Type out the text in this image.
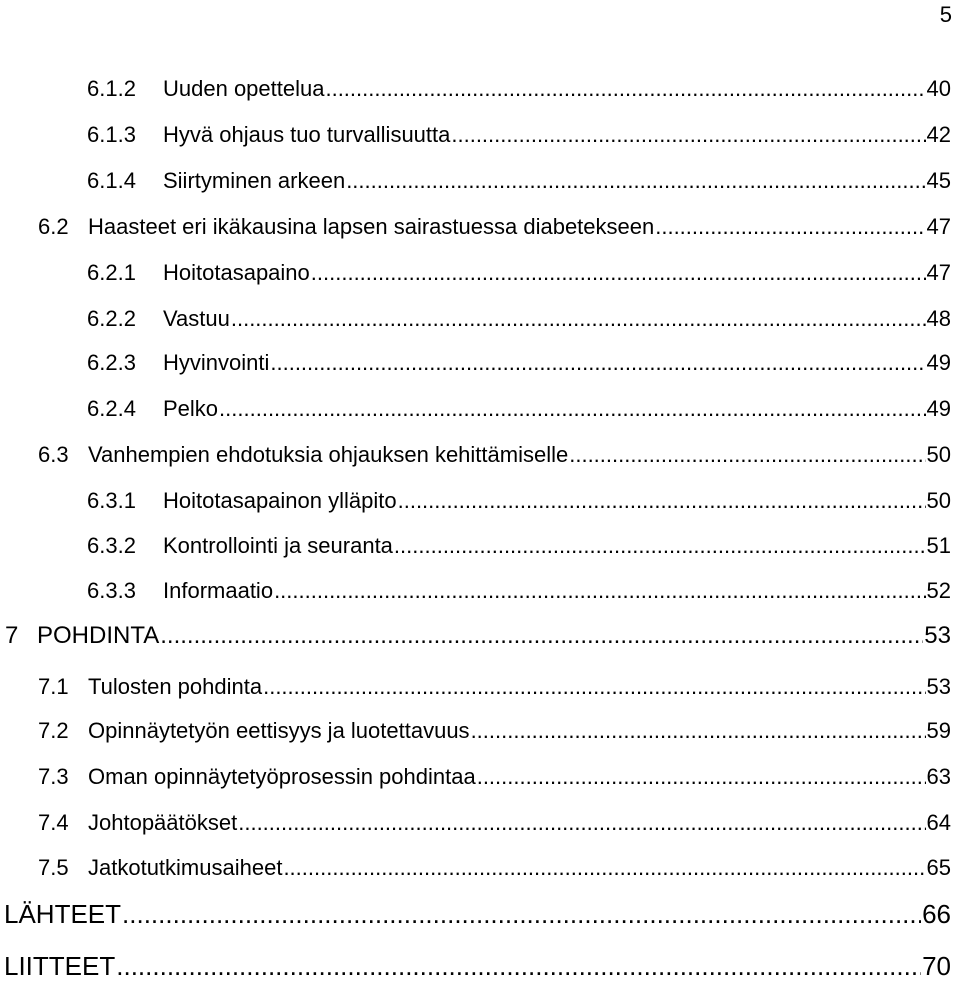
5
6.1.2	Uuden opettelua .....	40
6.1.3	Hyvä ohjaus tuo turvallisuutta .....	42
6.1.4	Siirtyminen arkeen .....	45
6.2 Haasteet eri ikäkausina lapsen sairastuessa diabetekseen .....	47
6.2.1	Hoitotasapaino .....	47
6.2.2	Vastuu .....	48
6.2.3	Hyvinvointi .....	49
6.2.4	Pelko .....	49
6.3 Vanhempien ehdotuksia ohjauksen kehittämiselle .....	50
6.3.1	Hoitotasapainon ylläpito .....	50
6.3.2	Kontrollointi ja seuranta .....	51
6.3.3	Informaatio .....	52
7 POHDINTA .....	53
7.1 Tulosten pohdinta .....	53
7.2 Opinnäytetyön eettisyys ja luotettavuus .....	59
7.3 Oman opinnäytetyöprosessin pohdintaa .....	63
7.4 Johtopäätökset .....	64
7.5 Jatkotutkimusaiheet .....	65
LÄHTEET .....	66
LIITTEET .....	70
